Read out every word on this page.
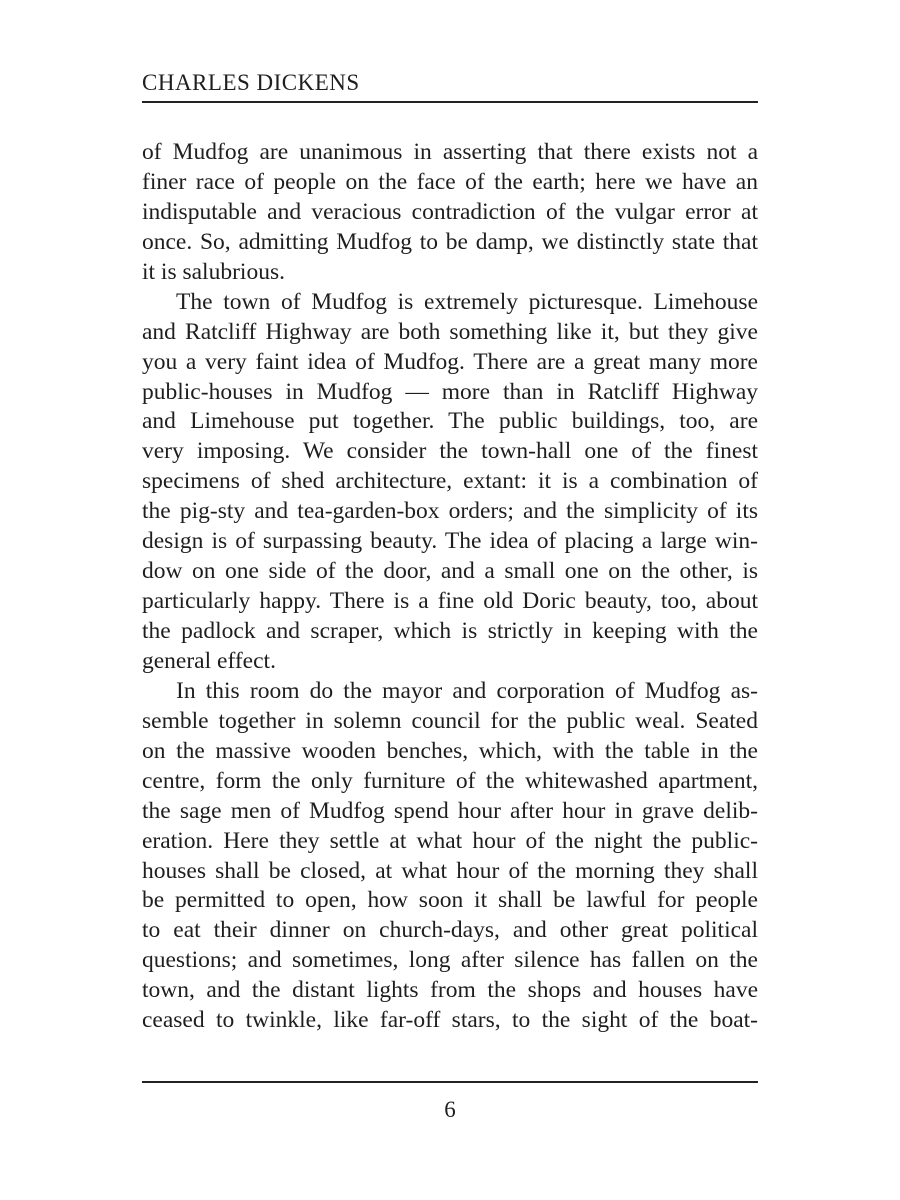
CHARLES DICKENS
of Mudfog are unanimous in asserting that there exists not a
finer race of people on the face of the earth; here we have an
indisputable and veracious contradiction of the vulgar error at
once. So, admitting Mudfog to be damp, we distinctly state that
it is salubrious.
The town of Mudfog is extremely picturesque. Limehouse
and Ratcliff Highway are both something like it, but they give
you a very faint idea of Mudfog. There are a great many more
public-houses in Mudfog — more than in Ratcliff Highway
and Limehouse put together. The public buildings, too, are
very imposing. We consider the town-hall one of the finest
specimens of shed architecture, extant: it is a combination of
the pig-sty and tea-garden-box orders; and the simplicity of its
design is of surpassing beauty. The idea of placing a large win-
dow on one side of the door, and a small one on the other, is
particularly happy. There is a fine old Doric beauty, too, about
the padlock and scraper, which is strictly in keeping with the
general effect.
In this room do the mayor and corporation of Mudfog as-
semble together in solemn council for the public weal. Seated
on the massive wooden benches, which, with the table in the
centre, form the only furniture of the whitewashed apartment,
the sage men of Mudfog spend hour after hour in grave delib-
eration. Here they settle at what hour of the night the public-
houses shall be closed, at what hour of the morning they shall
be permitted to open, how soon it shall be lawful for people
to eat their dinner on church-days, and other great political
questions; and sometimes, long after silence has fallen on the
town, and the distant lights from the shops and houses have
ceased to twinkle, like far-off stars, to the sight of the boat-
6
